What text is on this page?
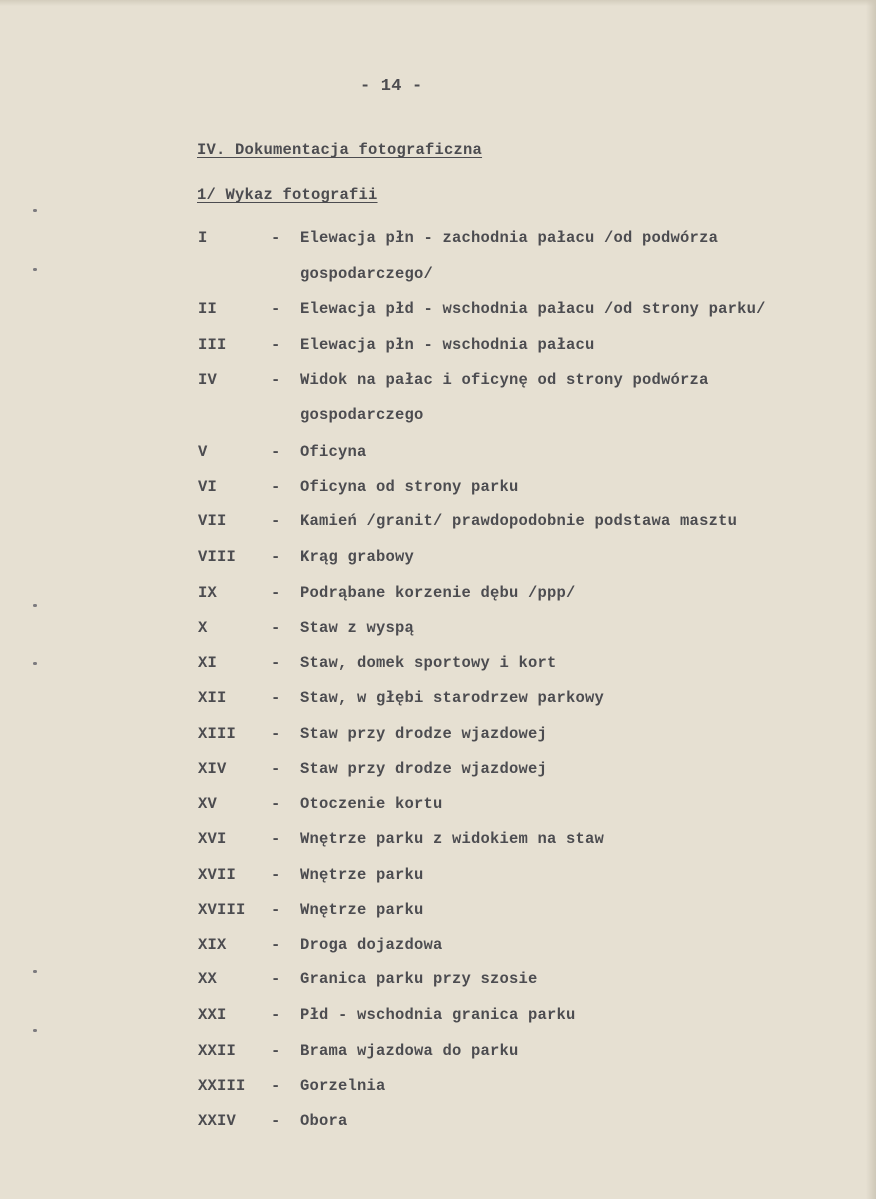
- 14 -
IV. Dokumentacja fotograficzna
1/ Wykaz fotografii
I	- Elewacja płn - zachodnia pałacu /od podwórza
gospodarczego/
II	- Elewacja płd - wschodnia pałacu /od strony parku/
III	- Elewacja płn - wschodnia pałacu
IV	- Widok na pałac i oficynę od strony podwórza
gospodarczego
V	- Oficyna
VI	- Oficyna od strony parku
VII	- Kamień /granit/ prawdopodobnie podstawa masztu
VIII - Krąg grabowy
IX	- Podrąbane korzenie dębu /ppp/
X	- Staw z wyspą
XI	- Staw, domek sportowy i kort
XII	- Staw, w głębi starodrzew parkowy
XIII - Staw przy drodze wjazdowej
XIV	- Staw przy drodze wjazdowej
XV	- Otoczenie kortu
XVI	- Wnętrze parku z widokiem na staw
XVII - Wnętrze parku
XVIII - Wnętrze parku
XIX	- Droga dojazdowa
XX	- Granica parku przy szosie
XXI	- Płd - wschodnia granica parku
XXII - Brama wjazdowa do parku
XXIII - Gorzelnia
XXIV - Obora
